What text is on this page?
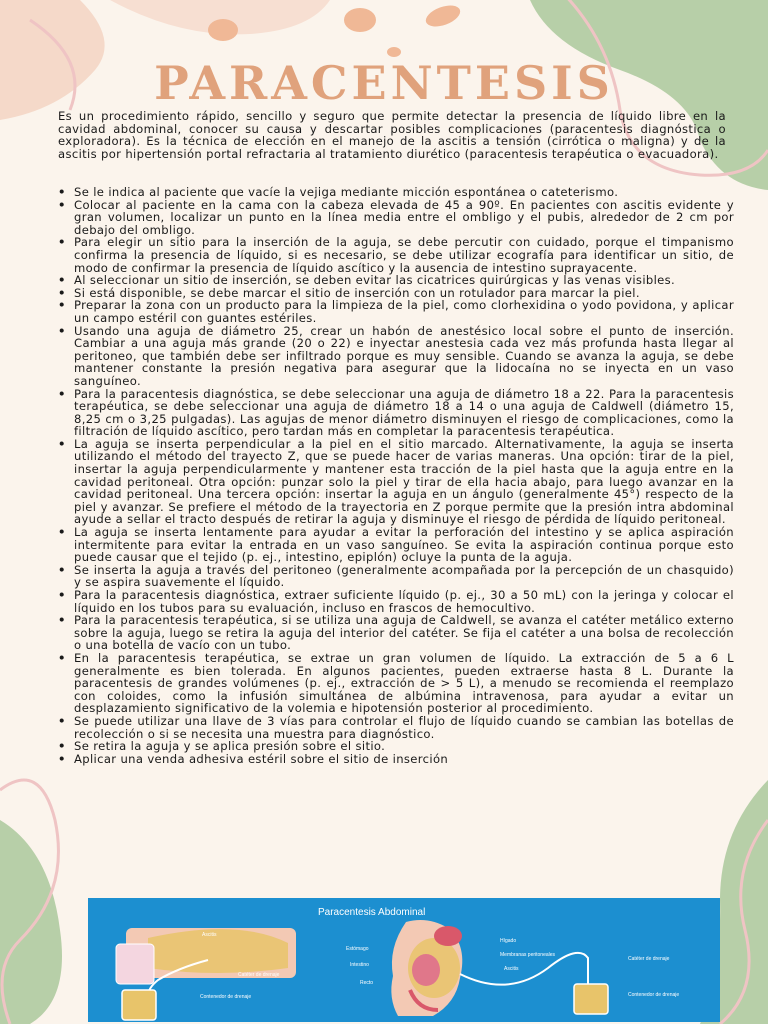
PARACENTESIS

Es un procedimiento rápido, sencillo y seguro que permite detectar la presencia de líquido libre en la cavidad abdominal, conocer su causa y descartar posibles complicaciones (paracentesis diagnóstica o exploradora). Es la técnica de elección en el manejo de la ascitis a tensión (cirrótica o maligna) y de la ascitis por hipertensión portal refractaria al tratamiento diurético (paracentesis terapéutica o evacuadora).

• Se le indica al paciente que vacíe la vejiga mediante micción espontánea o cateterismo.
• Colocar al paciente en la cama con la cabeza elevada de 45 a 90º. En pacientes con ascitis evidente y gran volumen, localizar un punto en la línea media entre el ombligo y el pubis, alrededor de 2 cm por debajo del ombligo.
• Para elegir un sitio para la inserción de la aguja, se debe percutir con cuidado, porque el timpanismo confirma la presencia de líquido, si es necesario, se debe utilizar ecografía para identificar un sitio, de modo de confirmar la presencia de líquido ascítico y la ausencia de intestino suprayacente.
• Al seleccionar un sitio de inserción, se deben evitar las cicatrices quirúrgicas y las venas visibles.
• Si está disponible, se debe marcar el sitio de inserción con un rotulador para marcar la piel.
• Preparar la zona con un producto para la limpieza de la piel, como clorhexidina o yodo povidona, y aplicar un campo estéril con guantes estériles.
• Usando una aguja de diámetro 25, crear un habón de anestésico local sobre el punto de inserción. Cambiar a una aguja más grande (20 o 22) e inyectar anestesia cada vez más profunda hasta llegar al peritoneo, que también debe ser infiltrado porque es muy sensible. Cuando se avanza la aguja, se debe mantener constante la presión negativa para asegurar que la lidocaína no se inyecta en un vaso sanguíneo.
• Para la paracentesis diagnóstica, se debe seleccionar una aguja de diámetro 18 a 22. Para la paracentesis terapéutica, se debe seleccionar una aguja de diámetro 18 a 14 o una aguja de Caldwell (diámetro 15, 8,25 cm o 3,25 pulgadas). Las agujas de menor diámetro disminuyen el riesgo de complicaciones, como la filtración de líquido ascítico, pero tardan más en completar la paracentesis terapéutica.
• La aguja se inserta perpendicular a la piel en el sitio marcado. Alternativamente, la aguja se inserta utilizando el método del trayecto Z, que se puede hacer de varias maneras. Una opción: tirar de la piel, insertar la aguja perpendicularmente y mantener esta tracción de la piel hasta que la aguja entre en la cavidad peritoneal. Otra opción: punzar solo la piel y tirar de ella hacia abajo, para luego avanzar en la cavidad peritoneal. Una tercera opción: insertar la aguja en un ángulo (generalmente 45°) respecto de la piel y avanzar. Se prefiere el método de la trayectoria en Z porque permite que la presión intra abdominal ayude a sellar el tracto después de retirar la aguja y disminuye el riesgo de pérdida de líquido peritoneal.
• La aguja se inserta lentamente para ayudar a evitar la perforación del intestino y se aplica aspiración intermitente para evitar la entrada en un vaso sanguíneo. Se evita la aspiración continua porque esto puede causar que el tejido (p. ej., intestino, epiplón) ocluye la punta de la aguja.
• Se inserta la aguja a través del peritoneo (generalmente acompañada por la percepción de un chasquido) y se aspira suavemente el líquido.
• Para la paracentesis diagnóstica, extraer suficiente líquido (p. ej., 30 a 50 mL) con la jeringa y colocar el líquido en los tubos para su evaluación, incluso en frascos de hemocultivo.
• Para la paracentesis terapéutica, si se utiliza una aguja de Caldwell, se avanza el catéter metálico externo sobre la aguja, luego se retira la aguja del interior del catéter. Se fija el catéter a una bolsa de recolección o una botella de vacío con un tubo.
• En la paracentesis terapéutica, se extrae un gran volumen de líquido. La extracción de 5 a 6 L generalmente es bien tolerada. En algunos pacientes, pueden extraerse hasta 8 L. Durante la paracentesis de grandes volúmenes (p. ej., extracción de > 5 L), a menudo se recomienda el reemplazo con coloides, como la infusión simultánea de albúmina intravenosa, para ayudar a evitar un desplazamiento significativo de la volemia e hipotensión posterior al procedimiento.
• Se puede utilizar una llave de 3 vías para controlar el flujo de líquido cuando se cambian las botellas de recolección o si se necesita una muestra para diagnóstico.
• Se retira la aguja y se aplica presión sobre el sitio.
• Aplicar una venda adhesiva estéril sobre el sitio de inserción
Paracentesis Abdominal
Ascitis
Catéter de drenaje
Contenedor de drenaje
Estómago
Intestino
Recto
Hígado
Membranas peritoneales
Ascitis
Catéter de drenaje
Contenedor de drenaje
